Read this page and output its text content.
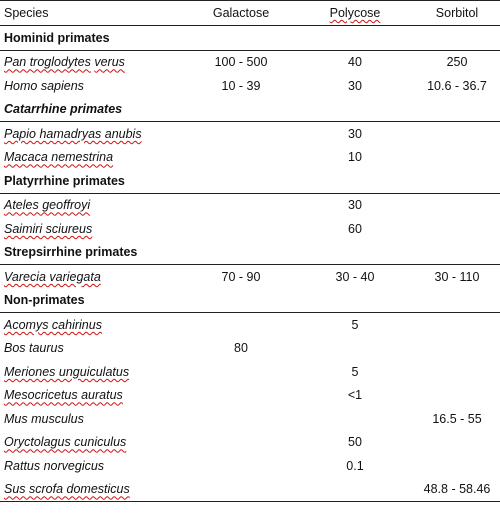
Species	Galactose	Polycose	Sorbitol
Hominid primates			
Pan troglodytes verus	100 - 500	40	250
Homo sapiens	10 - 39	30	10.6 - 36.7
Catarrhine primates			
Papio hamadryas anubis		30	
Macaca nemestrina		10	
Platyrrhine primates			
Ateles geoffroyi		30	
Saimiri sciureus		60	
Strepsirrhine primates			
Varecia variegata	70 - 90	30 - 40	30 - 110
Non-primates			
Acomys cahirinus		5	
Bos taurus	80		
Meriones unguiculatus		5	
Mesocricetus auratus		<1	
Mus musculus			16.5 - 55
Oryctolagus cuniculus		50	
Rattus norvegicus		0.1	
Sus scrofa domesticus			48.8 - 58.46
